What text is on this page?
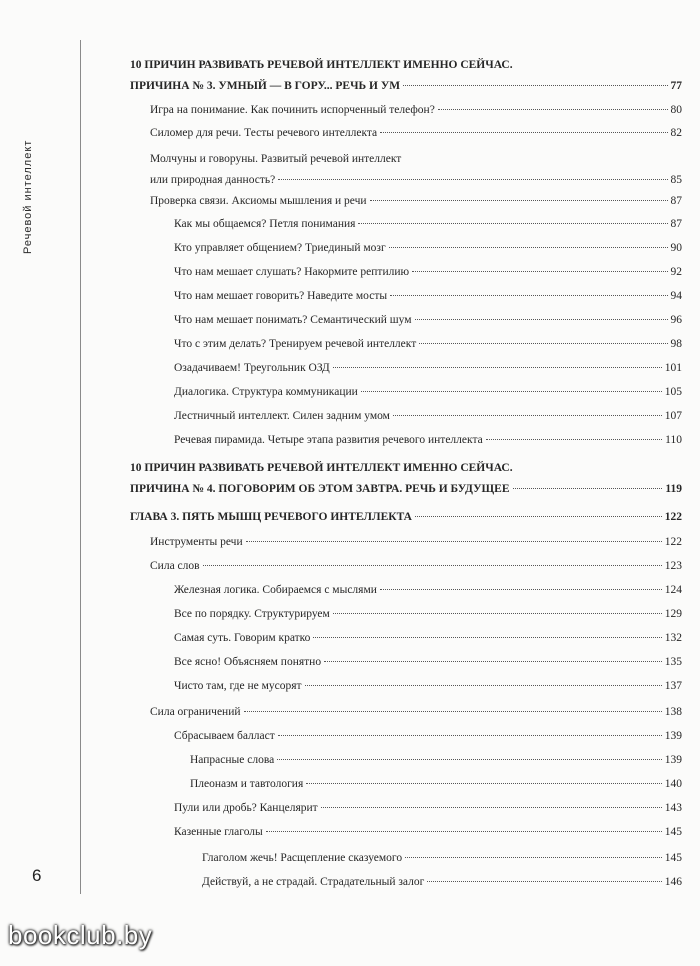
Речевой интеллект
10 ПРИЧИН РАЗВИВАТЬ РЕЧЕВОЙ ИНТЕЛЛЕКТ ИМЕННО СЕЙЧАС.
ПРИЧИНА № 3. УМНЫЙ — В ГОРУ... РЕЧЬ И УМ	77
Игра на понимание. Как починить испорченный телефон?	80
Силомер для речи. Тесты речевого интеллекта	82
Молчуны и говоруны. Развитый речевой интеллект
или природная данность?	85
Проверка связи. Аксиомы мышления и речи	87
Как мы общаемся? Петля понимания	87
Кто управляет общением? Триединый мозг	90
Что нам мешает слушать? Накормите рептилию	92
Что нам мешает говорить? Наведите мосты	94
Что нам мешает понимать? Семантический шум	96
Что с этим делать? Тренируем речевой интеллект	98
Озадачиваем! Треугольник ОЗД	101
Диалогика. Структура коммуникации	105
Лестничный интеллект. Силен задним умом	107
Речевая пирамида. Четыре этапа развития речевого интеллекта	110
10 ПРИЧИН РАЗВИВАТЬ РЕЧЕВОЙ ИНТЕЛЛЕКТ ИМЕННО СЕЙЧАС.
ПРИЧИНА № 4. ПОГОВОРИМ ОБ ЭТОМ ЗАВТРА. РЕЧЬ И БУДУЩЕЕ	119
ГЛАВА 3. ПЯТЬ МЫШЦ РЕЧЕВОГО ИНТЕЛЛЕКТА	122
Инструменты речи	122
Сила слов	123
Железная логика. Собираемся с мыслями	124
Все по порядку. Структурируем	129
Самая суть. Говорим кратко	132
Все ясно! Объясняем понятно	135
Чисто там, где не мусорят	137
Сила ограничений	138
Сбрасываем балласт	139
Напрасные слова	139
Плеоназм и тавтология	140
Пули или дробь? Канцелярит	143
Казенные глаголы	145
Глаголом жечь! Расщепление сказуемого	145
Действуй, а не страдай. Страдательный залог	146
6
bookclub.by
